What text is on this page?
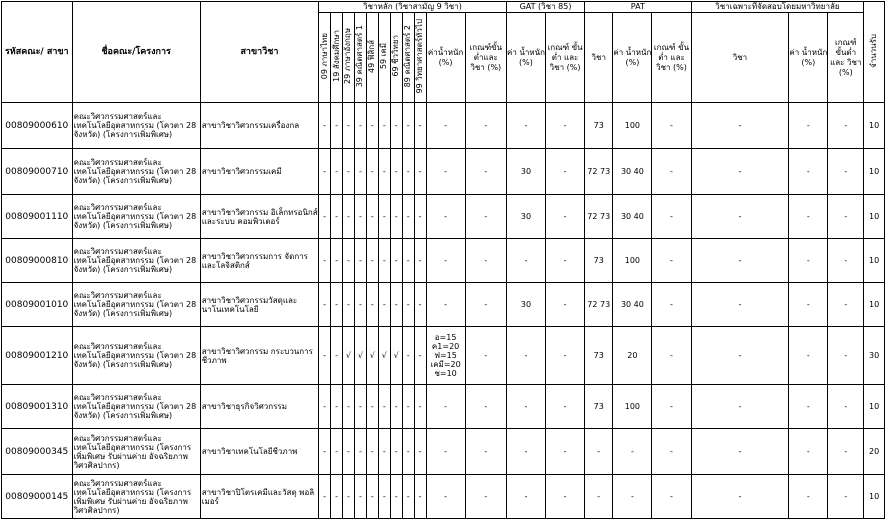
รหัสคณะ/ สาขา	ชื่อคณะ/โครงการ	สาขาวิชา	วิชาหลัก (วิชาสามัญ 9 วิชา)											GAT (วิชา 85)		PAT			วิชาเฉพาะที่จัดสอบโดยมหาวิทยาลัย			จำนวนรับ
			09 ภาษาไทย	19 สังคมศึกษา	29 ภาษาอังกฤษ	39 คณิตศาสตร์ 1	49 ฟิสิกส์	59 เคมี	69 ชีววิทยา	89 คณิตศาสตร์ 2	99 วิทยาศาสตร์ทั่วไป	ค่าน้ำหนัก (%)	เกณฑ์ขั้นต่ำและ วิชา (%)	ค่า น้ำหนัก (%)	เกณฑ์ ขั้นต่ำ และ วิชา (%)	วิชา	ค่า น้ำหนัก (%)	เกณฑ์ ขั้นต่ำ และ วิชา (%)	วิชา	ค่า น้ำหนัก (%)	เกณฑ์ ขั้นต่ำ และ วิชา (%)	
00809000610	คณะวิศวกรรมศาสตร์และ เทคโนโลยีอุตสาหกรรม (โควตา 28 จังหวัด) (โครงการเพิ่มพิเศษ)	สาขาวิชาวิศวกรรมเครื่องกล	-	-	-	-	-	-	-	-	-	-	-	-	-	73	100	-	-	-	-	10
00809000710	คณะวิศวกรรมศาสตร์และ เทคโนโลยีอุตสาหกรรม (โควตา 28 จังหวัด) (โครงการเพิ่มพิเศษ)	สาขาวิชาวิศวกรรมเคมี	-	-	-	-	-	-	-	-	-	-	-	30	-	72 73	30 40	-	-	-	-	10
00809001110	คณะวิศวกรรมศาสตร์และ เทคโนโลยีอุตสาหกรรม (โควตา 28 จังหวัด) (โครงการเพิ่มพิเศษ)	สาขาวิชาวิศวกรรม อิเล็กทรอนิกส์และระบบ คอมพิวเตอร์	-	-	-	-	-	-	-	-	-	-	-	30	-	72 73	30 40	-	-	-	-	10
00809000810	คณะวิศวกรรมศาสตร์และ เทคโนโลยีอุตสาหกรรม (โควตา 28 จังหวัด) (โครงการเพิ่มพิเศษ)	สาขาวิชาวิศวกรรมการ จัดการและโลจิสติกส์	-	-	-	-	-	-	-	-	-	-	-	-	-	73	100	-	-	-	-	10
00809001010	คณะวิศวกรรมศาสตร์และ เทคโนโลยีอุตสาหกรรม (โควตา 28 จังหวัด) (โครงการเพิ่มพิเศษ)	สาขาวิชาวิศวกรรมวัสดุและ นาโนเทคโนโลยี	-	-	-	-	-	-	-	-	-	-	-	30	-	72 73	30 40	-	-	-	-	10
00809001210	คณะวิศวกรรมศาสตร์และ เทคโนโลยีอุตสาหกรรม (โควตา 28 จังหวัด) (โครงการเพิ่มพิเศษ)	สาขาวิชาวิศวกรรม กระบวนการชีวภาพ	-	-	√	√	√	√	√	-	-	อ=15 ค1=20 ฟ=15 เคมี=20 ช=10	-	-	-	73	20	-	-	-	-	30
00809001310	คณะวิศวกรรมศาสตร์และ เทคโนโลยีอุตสาหกรรม (โควตา 28 จังหวัด) (โครงการเพิ่มพิเศษ)	สาขาวิชาธุรกิจวิศวกรรม	-	-	-	-	-	-	-	-	-	-	-	-	-	73	100	-	-	-	-	10
00809000345	คณะวิศวกรรมศาสตร์และ เทคโนโลยีอุตสาหกรรม (โครงการเพิ่มพิเศษ รับผ่านค่าย อัจฉริยภาพวิศวศิลปากร)	สาขาวิชาเทคโนโลยีชีวภาพ	-	-	-	-	-	-	-	-	-	-	-	-	-	-	-	-	-	-	-	20
00809000145	คณะวิศวกรรมศาสตร์และ เทคโนโลยีอุตสาหกรรม (โครงการเพิ่มพิเศษ รับผ่านค่าย อัจฉริยภาพวิศวศิลปากร)	สาขาวิชาปิโตรเคมีและวัสดุ พอลิเมอร์	-	-	-	-	-	-	-	-	-	-	-	-	-	-	-	-	-	-	-	10
